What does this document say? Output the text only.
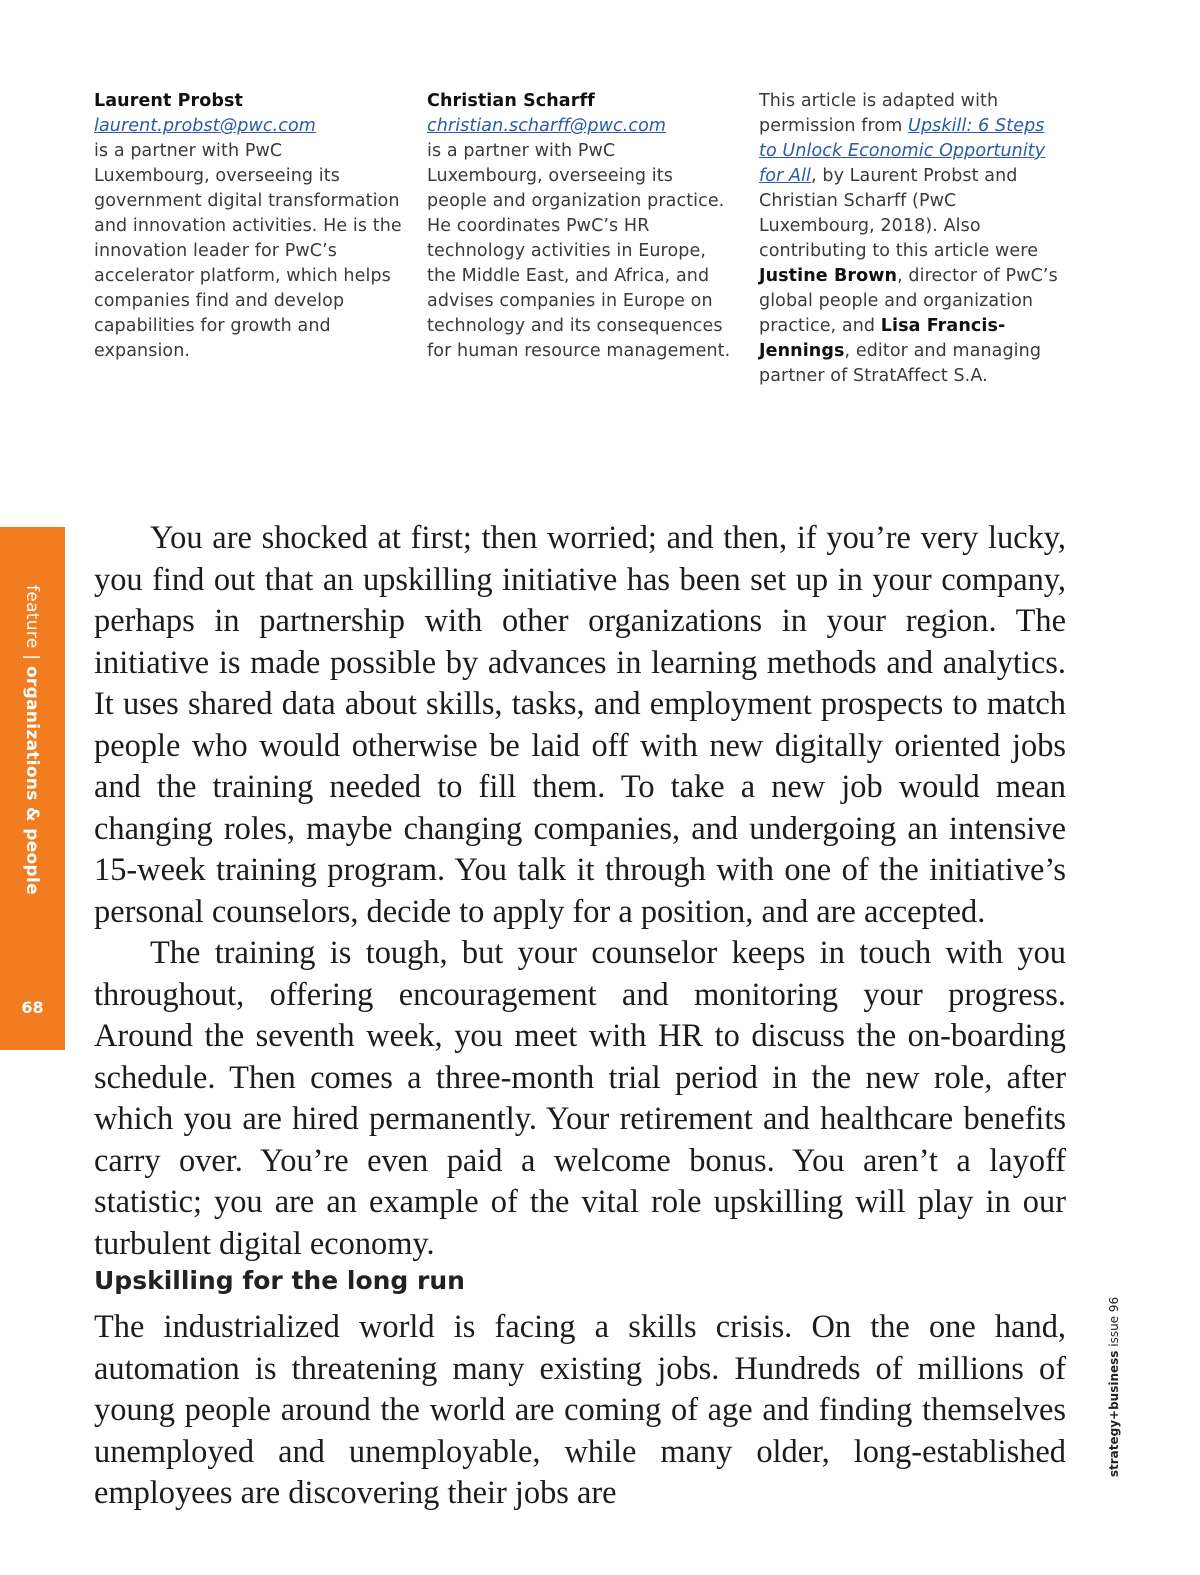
Laurent Probst
laurent.probst@pwc.com
is a partner with PwC Luxembourg, overseeing its government digital transformation and innovation activities. He is the innovation leader for PwC’s accelerator platform, which helps companies find and develop capabilities for growth and expansion.
Christian Scharff
christian.scharff@pwc.com
is a partner with PwC Luxembourg, overseeing its people and organization practice. He coordinates PwC’s HR technology activities in Europe, the Middle East, and Africa, and advises companies in Europe on technology and its consequences for human resource management.
This article is adapted with permission from Upskill: 6 Steps to Unlock Economic Opportunity for All, by Laurent Probst and Christian Scharff (PwC Luxembourg, 2018). Also contributing to this article were Justine Brown, director of PwC’s global people and organization practice, and Lisa Francis-Jennings, editor and managing partner of StratAffect S.A.
feature | organizations & people
68

You are shocked at first; then worried; and then, if you’re very lucky, you find out that an upskilling initiative has been set up in your company, perhaps in partnership with other organizations in your region. The initiative is made possible by advances in learning methods and analytics. It uses shared data about skills, tasks, and employment prospects to match people who would otherwise be laid off with new digitally oriented jobs and the training needed to fill them. To take a new job would mean changing roles, maybe changing companies, and undergoing an intensive 15-week training program. You talk it through with one of the initiative’s personal counselors, decide to apply for a position, and are accepted.

The training is tough, but your counselor keeps in touch with you throughout, offering encouragement and monitoring your progress. Around the seventh week, you meet with HR to discuss the on-boarding schedule. Then comes a three-month trial period in the new role, after which you are hired permanently. Your retirement and healthcare benefits carry over. You’re even paid a welcome bonus. You aren’t a layoff statistic; you are an example of the vital role upskilling will play in our turbulent digital economy.

Upskilling for the long run

The industrialized world is facing a skills crisis. On the one hand, automation is threatening many existing jobs. Hundreds of millions of young people around the world are coming of age and finding themselves unemployed and unemployable, while many older, long-established employees are discovering their jobs are

strategy+business issue 96
